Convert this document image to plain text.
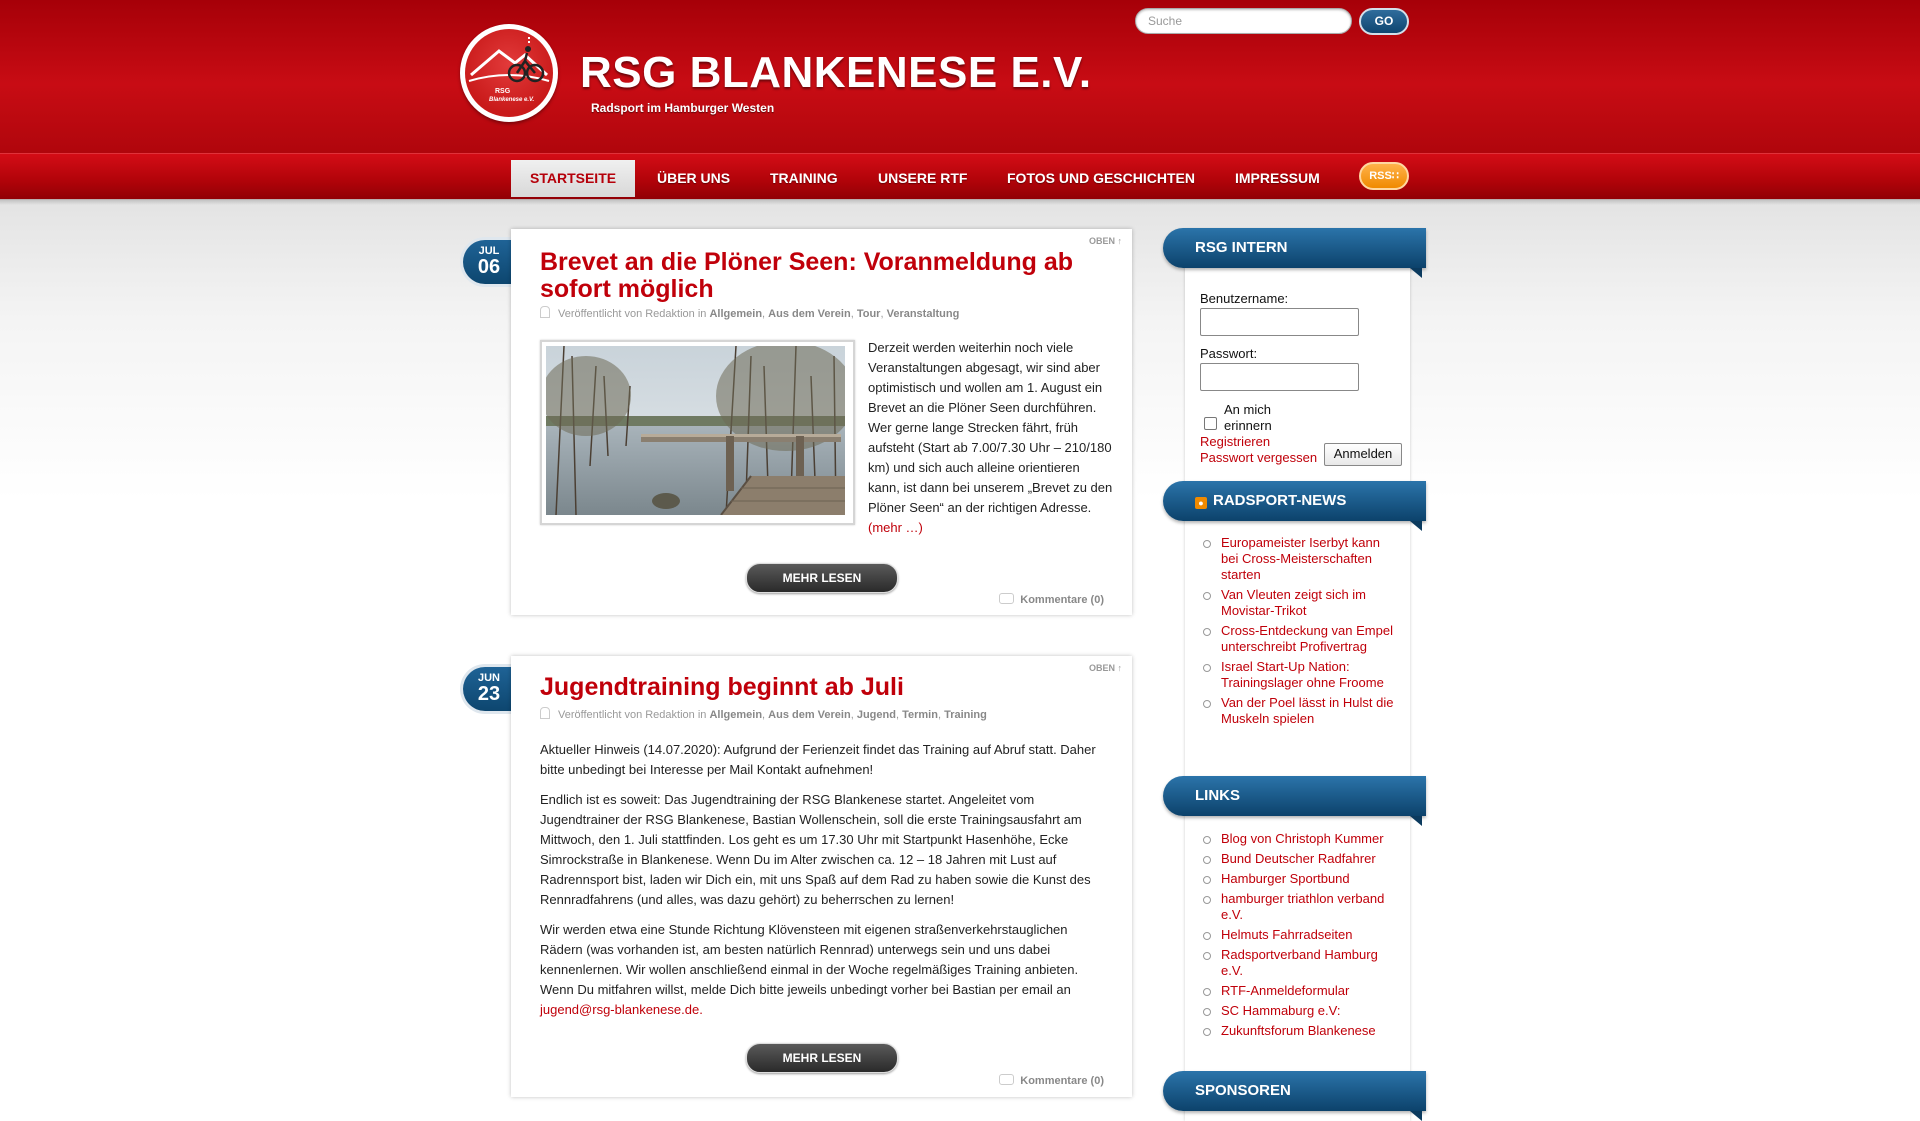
RSG
Blankenese e.V.
RSG BLANKENESE E.V.
Radsport im Hamburger Westen
Suche
GO
STARTSEITE	ÜBER UNS	TRAINING	UNSERE RTF	FOTOS UND GESCHICHTEN	IMPRESSUM	RSS∷
JUL
06
OBEN ↑
Brevet an die Plöner Seen: Voranmeldung ab sofort möglich
Veröffentlicht von Redaktion in Allgemein, Aus dem Verein, Tour, Veranstaltung
Derzeit werden weiterhin noch viele Veranstaltungen abgesagt, wir sind aber optimistisch und wollen am 1. August ein Brevet an die Plöner Seen durchführen. Wer gerne lange Strecken fährt, früh aufsteht (Start ab 7.00/7.30 Uhr – 210/180 km) und sich auch alleine orientieren kann, ist dann bei unserem „Brevet zu den Plöner Seen“ an der richtigen Adresse. (mehr …)
MEHR LESEN
Kommentare (0)
JUN
23
OBEN ↑
Jugendtraining beginnt ab Juli
Veröffentlicht von Redaktion in Allgemein, Aus dem Verein, Jugend, Termin, Training

Aktueller Hinweis (14.07.2020): Aufgrund der Ferienzeit findet das Training auf Abruf statt. Daher bitte unbedingt bei Interesse per Mail Kontakt aufnehmen!

Endlich ist es soweit: Das Jugendtraining der RSG Blankenese startet. Angeleitet vom Jugendtrainer der RSG Blankenese, Bastian Wollenschein, soll die erste Trainingsausfahrt am Mittwoch, den 1. Juli stattfinden. Los geht es um 17.30 Uhr mit Startpunkt Hasenhöhe, Ecke Simrockstraße in Blankenese. Wenn Du im Alter zwischen ca. 12 – 18 Jahren mit Lust auf Radrennsport bist, laden wir Dich ein, mit uns Spaß auf dem Rad zu haben sowie die Kunst des Rennradfahrens (und alles, was dazu gehört) zu beherrschen zu lernen!

Wir werden etwa eine Stunde Richtung Klövensteen mit eigenen straßenverkehrstauglichen Rädern (was vorhanden ist, am besten natürlich Rennrad) unterwegs sein und uns dabei kennenlernen. Wir wollen anschließend einmal in der Woche regelmäßiges Training anbieten. Wenn Du mitfahren willst, melde Dich bitte jeweils unbedingt vorher bei Bastian per email an jugend@rsg-blankenese.de.

MEHR LESEN
Kommentare (0)
RSG INTERN
Benutzername:
Passwort:
An mich
erinnern
Registrieren
Passwort vergessen	Anmelden
● RADSPORT-NEWS
Europameister Iserbyt kann bei Cross-Meisterschaften starten
Van Vleuten zeigt sich im Movistar-Trikot
Cross-Entdeckung van Empel unterschreibt Profivertrag
Israel Start-Up Nation: Trainingslager ohne Froome
Van der Poel lässt in Hulst die Muskeln spielen
LINKS
Blog von Christoph Kummer
Bund Deutscher Radfahrer
Hamburger Sportbund
hamburger triathlon verband e.V.
Helmuts Fahrradseiten
Radsportverband Hamburg e.V.
RTF-Anmeldeformular
SC Hammaburg e.V:
Zukunftsforum Blankenese
SPONSOREN
